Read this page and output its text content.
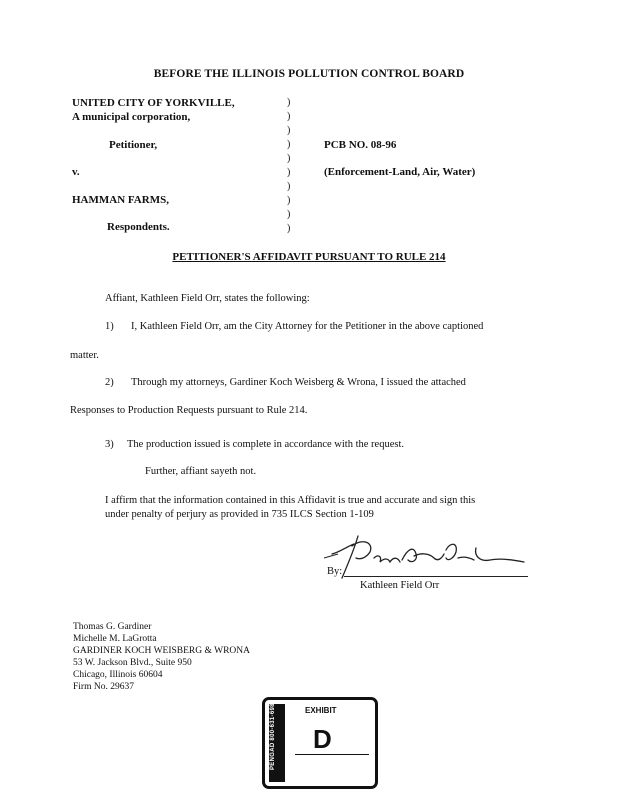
BEFORE THE ILLINOIS POLLUTION CONTROL BOARD
UNITED CITY OF YORKVILLE,
A municipal corporation,
Petitioner,
v.
HAMMAN FARMS,
Respondents.
)
)
)
)
)
)
)
)
)
)
PCB NO. 08-96
(Enforcement-Land, Air, Water)
PETITIONER'S AFFIDAVIT PURSUANT TO RULE 214
Affiant, Kathleen Field Orr, states the following:
1) I, Kathleen Field Orr, am the City Attorney for the Petitioner in the above captioned
matter.
2) Through my attorneys, Gardiner Koch Weisberg & Wrona, I issued the attached
Responses to Production Requests pursuant to Rule 214.
3) The production issued is complete in accordance with the request.
Further, affiant sayeth not.
I affirm that the information contained in this Affidavit is true and accurate and sign this
under penalty of perjury as provided in 735 ILCS Section 1-109
By:
Kathleen Field Orr
Thomas G. Gardiner
Michelle M. LaGrotta
GARDINER KOCH WEISBERG & WRONA
53 W. Jackson Blvd., Suite 950
Chicago, Illinois 60604
Firm No. 29637
PENGAD 800-631-6989	EXHIBIT
D
